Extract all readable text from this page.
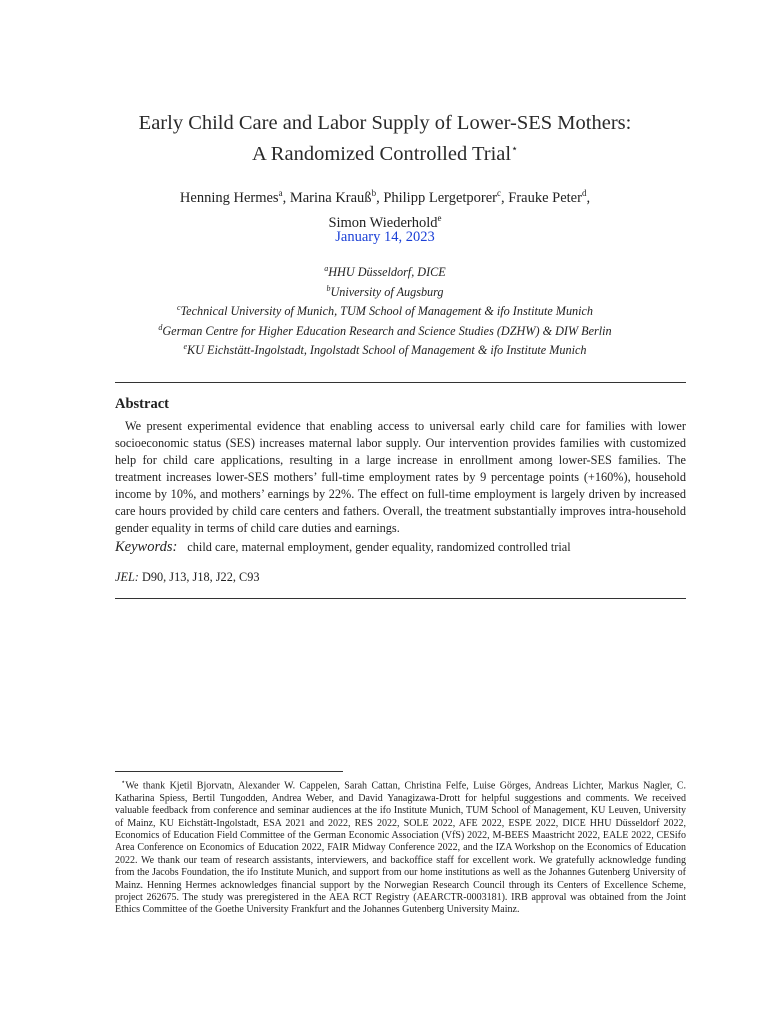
Early Child Care and Labor Supply of Lower-SES Mothers:
A Randomized Controlled Trial⋆
Henning Hermes$^a$, Marina Krauß$^b$, Philipp Lergetporer$^c$, Frauke Peter$^d$,
Simon Wiederhold$^e$
January 14, 2023
$^a$HHU Düsseldorf, DICE
$^b$University of Augsburg
$^c$Technical University of Munich, TUM School of Management & ifo Institute Munich
$^d$German Centre for Higher Education Research and Science Studies (DZHW) & DIW Berlin
$^e$KU Eichstätt-Ingolstadt, Ingolstadt School of Management & ifo Institute Munich
Abstract
We present experimental evidence that enabling access to universal early child care for families with lower socioeconomic status (SES) increases maternal labor supply. Our intervention provides families with customized help for child care applications, resulting in a large increase in enrollment among lower-SES families. The treatment increases lower-SES mothers’ full-time employment rates by 9 percentage points (+160%), household income by 10%, and mothers’ earnings by 22%. The effect on full-time employment is largely driven by increased care hours provided by child care centers and fathers. Overall, the treatment substantially improves intra-household gender equality in terms of child care duties and earnings.
Keywords: child care, maternal employment, gender equality, randomized controlled trial
JEL: D90, J13, J18, J22, C93
⋆We thank Kjetil Bjorvatn, Alexander W. Cappelen, Sarah Cattan, Christina Felfe, Luise Görges, Andreas Lichter, Markus Nagler, C. Katharina Spiess, Bertil Tungodden, Andrea Weber, and David Yanagizawa-Drott for helpful suggestions and comments. We received valuable feedback from conference and seminar audiences at the ifo Institute Munich, TUM School of Management, KU Leuven, University of Mainz, KU Eichstätt-Ingolstadt, ESA 2021 and 2022, RES 2022, SOLE 2022, AFE 2022, ESPE 2022, DICE HHU Düsseldorf 2022, Economics of Education Field Committee of the German Economic Association (VfS) 2022, M-BEES Maastricht 2022, EALE 2022, CESifo Area Conference on Economics of Education 2022, FAIR Midway Conference 2022, and the IZA Workshop on the Economics of Education 2022. We thank our team of research assistants, interviewers, and backoffice staff for excellent work. We gratefully acknowledge funding from the Jacobs Foundation, the ifo Institute Munich, and support from our home institutions as well as the Johannes Gutenberg University of Mainz. Henning Hermes acknowledges financial support by the Norwegian Research Council through its Centers of Excellence Scheme, project 262675. The study was preregistered in the AEA RCT Registry (AEARCTR-0003181). IRB approval was obtained from the Joint Ethics Committee of the Goethe University Frankfurt and the Johannes Gutenberg University Mainz.
